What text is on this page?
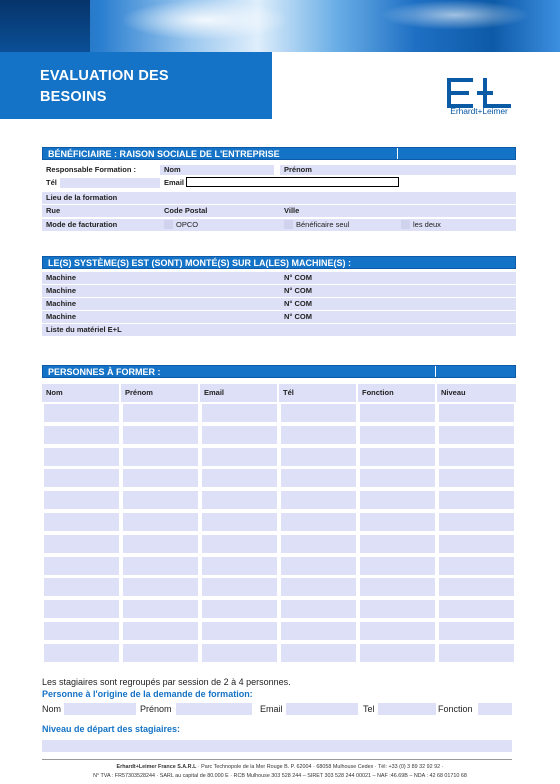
EVALUATION DES
BESOINS
Erhardt+Leimer
BÉNÉFICIAIRE : RAISON SOCIALE DE L'ENTREPRISE
Responsable Formation :	Nom	Prénom
Tél	Email
Lieu de la formation
Rue	Code Postal	Ville
Mode de facturation	OPCO	Bénéficaire seul	les deux
LE(S) SYSTÈME(S) EST (SONT) MONTÉ(S) SUR LA(LES) MACHINE(S) :
Machine	N° COM
Machine	N° COM
Machine	N° COM
Machine	N° COM
Liste du matériel E+L
PERSONNES À FORMER :
Nom	Prénom	Email	Tél	Fonction	Niveau
Les stagiaires sont regroupés par session de 2 à 4 personnes.
Personne à l'origine de la demande de formation:
Nom	Prénom	Email	Tel	Fonction
Niveau de départ des stagiaires:
Erhardt+Leimer France S.A.R.L · Parc Technopole de la Mer Rouge B. P. 62004 · 68058 Mulhouse Cedex · Tél: +33 (0) 3 89 32 92 92 ·
N° TVA : FR57303528244 · SARL au capital de 80.000 E · RCB Mulhouse 303 528 244 – SIRET 303 528 244 00021 – NAF :46.69B – NDA : 42 68 01710 68
